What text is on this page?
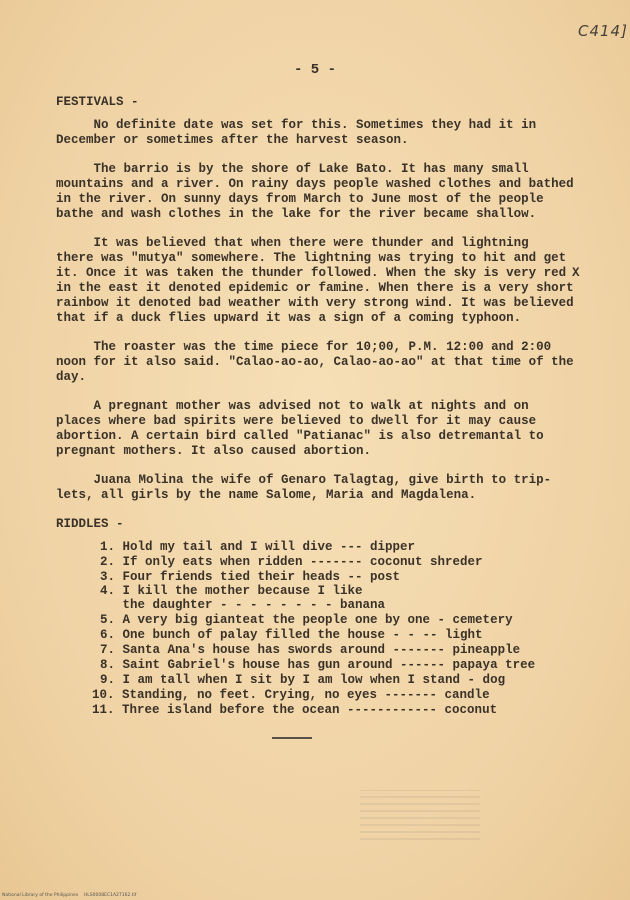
C414]
- 5 -
FESTIVALS -
No definite date was set for this. Sometimes they had it in
December or sometimes after the harvest season.
The barrio is by the shore of Lake Bato. It has many small
mountains and a river. On rainy days people washed clothes and bathed
in the river. On sunny days from March to June most of the people
bathe and wash clothes in the lake for the river became shallow.
It was believed that when there were thunder and lightning
there was "mutya" somewhere. The lightning was trying to hit and get
it. Once it was taken the thunder followed. When the sky is very red X
in the east it denoted epidemic or famine. When there is a very short
rainbow it denoted bad weather with very strong wind. It was believed
that if a duck flies upward it was a sign of a coming typhoon.
The roaster was the time piece for 10;00, P.M. 12:00 and 2:00
noon for it also said. "Calao-ao-ao, Calao-ao-ao" at that time of the
day.
A pregnant mother was advised not to walk at nights and on
places where bad spirits were believed to dwell for it may cause
abortion. A certain bird called "Patianac" is also detremantal to
pregnant mothers. It also caused abortion.
Juana Molina the wife of Genaro Talagtag, give birth to trip-
lets, all girls by the name Salome, Maria and Magdalena.
RIDDLES -
1. Hold my tail and I will dive --- dipper
2. If only eats when ridden ------- coconut shreder
3. Four friends tied their heads -- post
4. I kill the mother because I like
the daughter - - - - - - - - banana
5. A very big gianteat the people one by one - cemetery
6. One bunch of palay filled the house - - -- light
7. Santa Ana's house has swords around ------- pineapple
8. Saint Gabriel's house has gun around ------ papaya tree
9. I am tall when I sit by I am low when I stand - dog
10. Standing, no feet. Crying, no eyes ------- candle
11. Three island before the ocean ------------ coconut
National Library of the Philippines    HLS0008EC1A27162.tif
